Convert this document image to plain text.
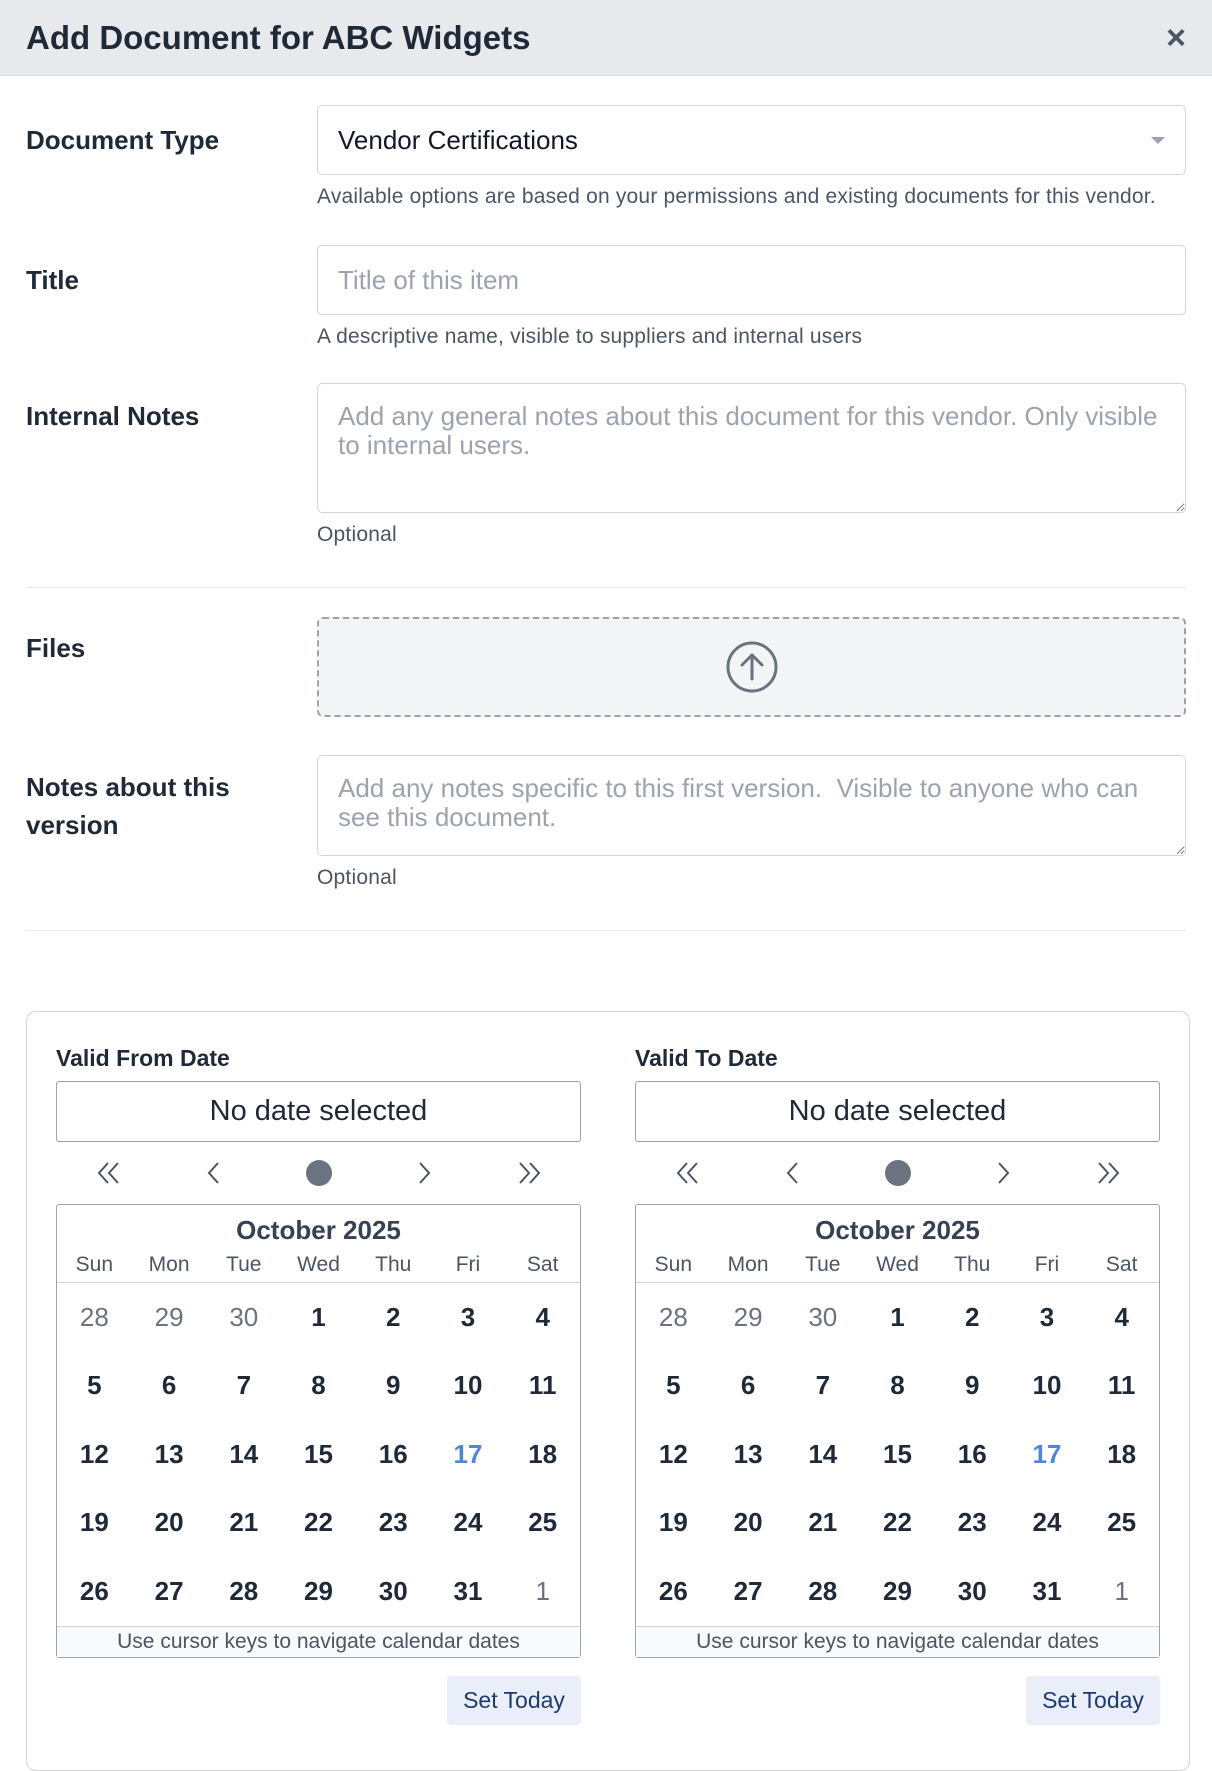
Add Document for ABC Widgets	×
Document Type	Vendor Certifications
Available options are based on your permissions and existing documents for this vendor.
Title
Title of this item
A descriptive name, visible to suppliers and internal users
Internal Notes
Add any general notes about this document for this vendor. Only visible to internal users.
Optional
Files
Notes about this version
Add any notes specific to this first version. Visible to anyone who can see this document.
Optional
Valid From Date
No date selected
October 2025
Sun	Mon	Tue	Wed	Thu	Fri	Sat
28	29	30	1	2	3	4
5	6	7	8	9	10	11
12	13	14	15	16	17	18
19	20	21	22	23	24	25
26	27	28	29	30	31	1
Use cursor keys to navigate calendar dates
Set Today
Valid To Date
No date selected
October 2025
Sun	Mon	Tue	Wed	Thu	Fri	Sat
28	29	30	1	2	3	4
5	6	7	8	9	10	11
12	13	14	15	16	17	18
19	20	21	22	23	24	25
26	27	28	29	30	31	1
Use cursor keys to navigate calendar dates
Set Today
